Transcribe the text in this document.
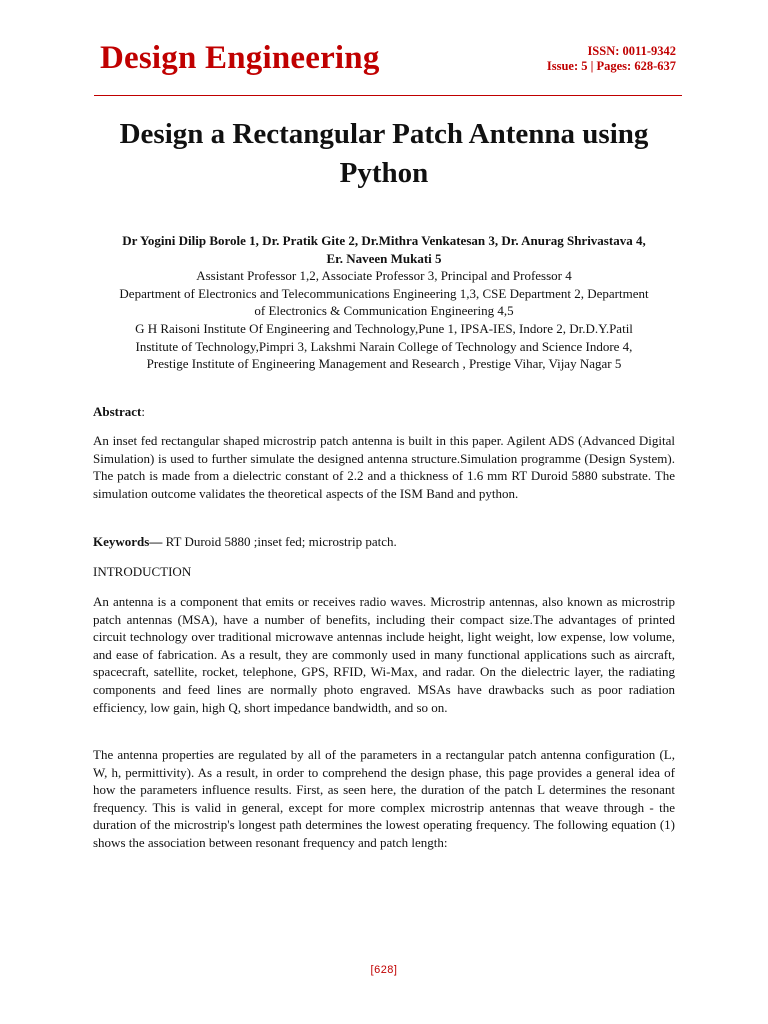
Design Engineering	ISSN: 0011-9342
Issue: 5 | Pages: 628-637
Design a Rectangular Patch Antenna using
Python
Dr Yogini Dilip Borole 1, Dr. Pratik Gite 2, Dr.Mithra Venkatesan 3, Dr. Anurag Shrivastava 4,
Er. Naveen Mukati 5
Assistant Professor 1,2, Associate Professor 3, Principal and Professor 4
Department of Electronics and Telecommunications Engineering 1,3, CSE Department 2, Department
of Electronics & Communication Engineering 4,5
G H Raisoni Institute Of Engineering and Technology,Pune 1, IPSA-IES, Indore 2, Dr.D.Y.Patil
Institute of Technology,Pimpri 3, Lakshmi Narain College of Technology and Science Indore 4,
Prestige Institute of Engineering Management and Research , Prestige Vihar, Vijay Nagar 5

Abstract:

An inset fed rectangular shaped microstrip patch antenna is built in this paper. Agilent ADS (Advanced Digital Simulation) is used to further simulate the designed antenna structure.Simulation programme (Design System). The patch is made from a dielectric constant of 2.2 and a thickness of 1.6 mm RT Duroid 5880 substrate. The simulation outcome validates the theoretical aspects of the ISM Band and python.

Keywords— RT Duroid 5880 ;inset fed; microstrip patch.

INTRODUCTION

An antenna is a component that emits or receives radio waves. Microstrip antennas, also known as microstrip patch antennas (MSA), have a number of benefits, including their compact size.The advantages of printed circuit technology over traditional microwave antennas include height, light weight, low expense, low volume, and ease of fabrication. As a result, they are commonly used in many functional applications such as aircraft, spacecraft, satellite, rocket, telephone, GPS, RFID, Wi-Max, and radar. On the dielectric layer, the radiating components and feed lines are normally photo engraved. MSAs have drawbacks such as poor radiation efficiency, low gain, high Q, short impedance bandwidth, and so on.

The antenna properties are regulated by all of the parameters in a rectangular patch antenna configuration (L, W, h, permittivity). As a result, in order to comprehend the design phase, this page provides a general idea of how the parameters influence results. First, as seen here, the duration of the patch L determines the resonant frequency. This is valid in general, except for more complex microstrip antennas that weave through - the duration of the microstrip's longest path determines the lowest operating frequency. The following equation (1) shows the association between resonant frequency and patch length:

[628]
